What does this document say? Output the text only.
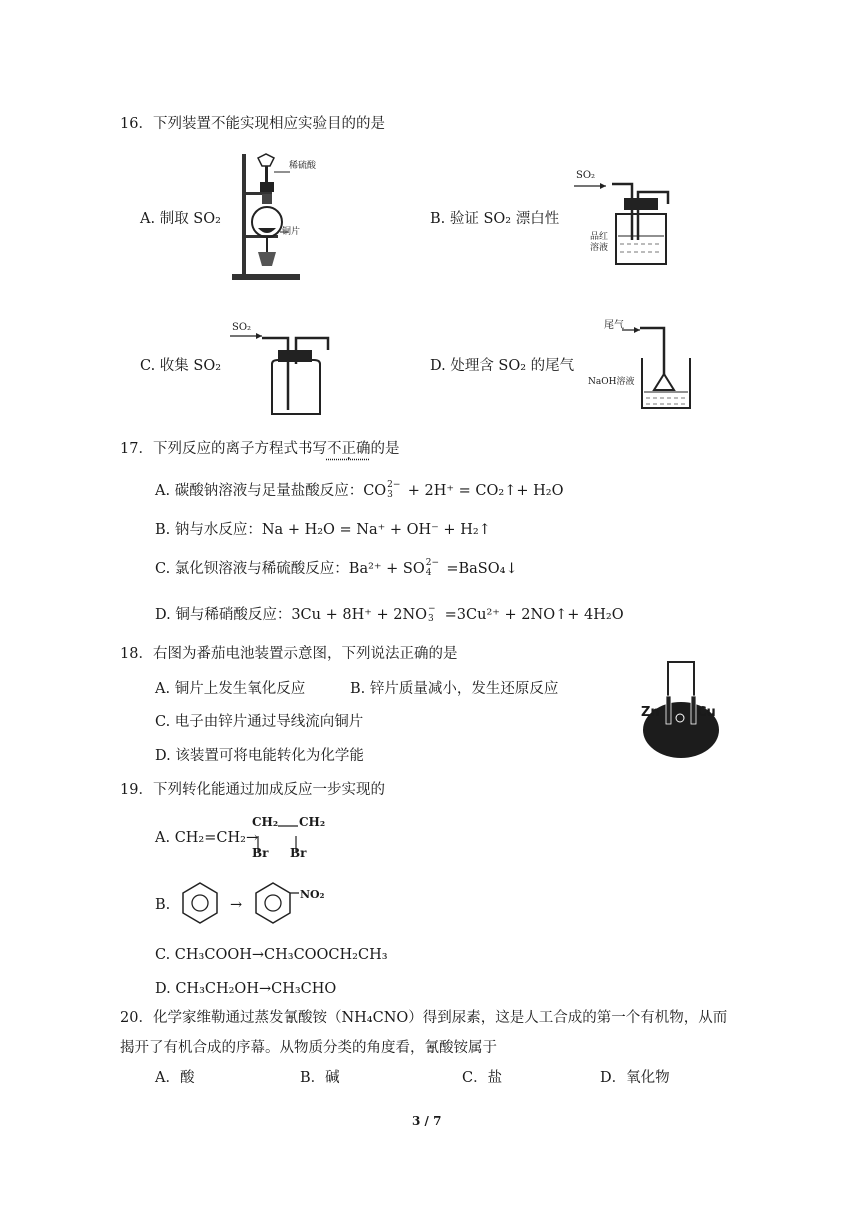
16．下列装置不能实现相应实验目的的是
A. 制取 SO₂	B. 验证 SO₂ 漂白性
C. 收集 SO₂	D. 处理含 SO₂ 的尾气
稀硫酸
铜片
SO₂
品红溶液
SO₂	尾气
NaOH溶液
17．下列反应的离子方程式书写不正确的是
A. 碳酸钠溶液与足量盐酸反应：CO 2−
3 + 2H⁺ = CO₂↑+ H₂O
B. 钠与水反应：Na + H₂O = Na⁺ + OH⁻ + H₂↑
C. 氯化钡溶液与稀硫酸反应：Ba²⁺ + SO 2−
4 =BaSO₄↓
D. 铜与稀硝酸反应：3Cu + 8H⁺ + 2NO −
3 =3Cu²⁺ + 2NO↑+ 4H₂O
18．右图为番茄电池装置示意图，下列说法正确的是
A. 铜片上发生氧化反应	B. 锌片质量减小，发生还原反应
C. 电子由锌片通过导线流向铜片
D. 该装置可将电能转化为化学能
Zn	Cu
19．下列转化能通过加成反应一步实现的
A. CH₂=CH₂→
CH₂ CH₂
Br Br
B.	→
NO₂
C. CH₃COOH→CH₃COOCH₂CH₃
D. CH₃CH₂OH→CH₃CHO
20．化学家维勒通过蒸发氰酸铵（NH₄CNO）得到尿素，这是人工合成的第一个有机物，从而
揭开了有机合成的序幕。从物质分类的角度看，氰酸铵属于
A．酸	B．碱	C．盐	D．氧化物
3 / 7
